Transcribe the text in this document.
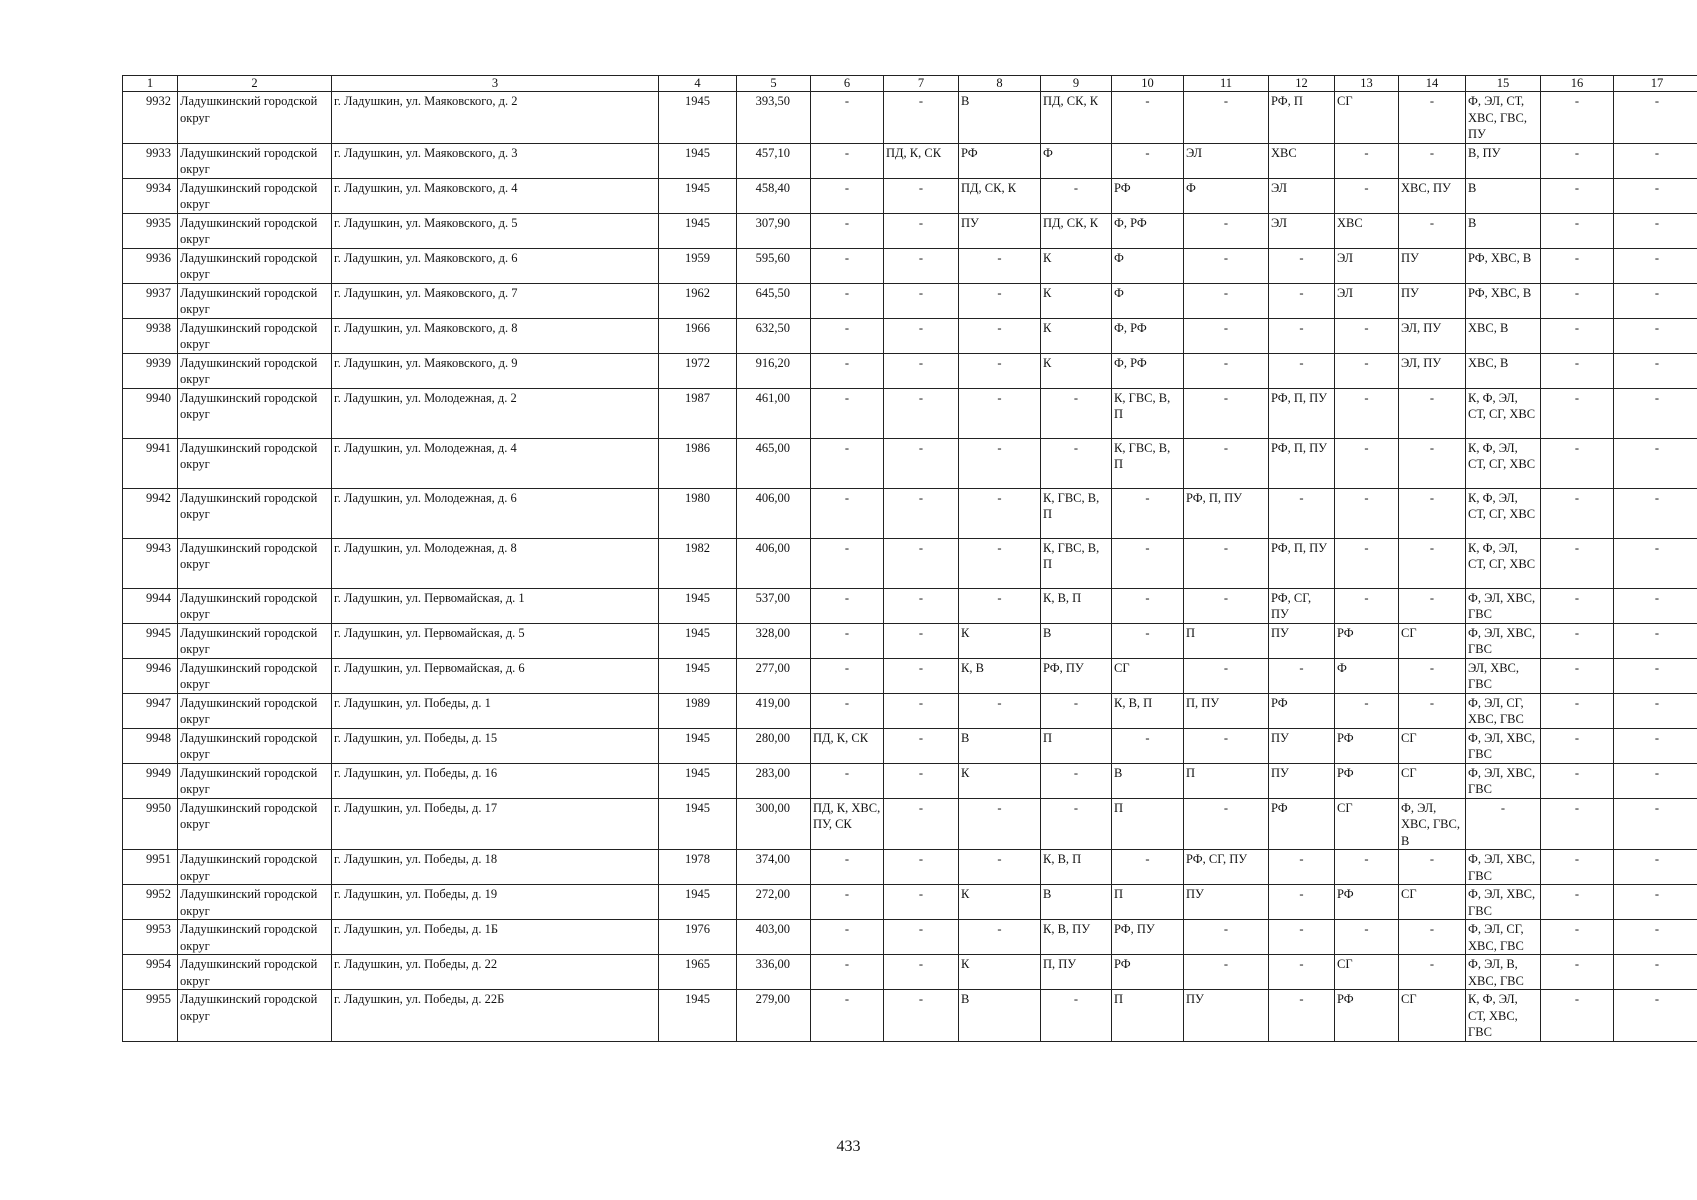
1	2	3	4	5	6	7	8	9	10	11	12	13	14	15	16	17
9932	Ладушкинский городской округ	г. Ладушкин, ул. Маяковского, д. 2	1945	393,50	-	-	В	ПД, СК, К	-	-	РФ, П	СГ	-	Ф, ЭЛ, СТ, ХВС, ГВС, ПУ	-	-
9933	Ладушкинский городской округ	г. Ладушкин, ул. Маяковского, д. 3	1945	457,10	-	ПД, К, СК	РФ	Ф	-	ЭЛ	ХВС	-	-	В, ПУ	-	-
9934	Ладушкинский городской округ	г. Ладушкин, ул. Маяковского, д. 4	1945	458,40	-	-	ПД, СК, К	-	РФ	Ф	ЭЛ	-	ХВС, ПУ	В	-	-
9935	Ладушкинский городской округ	г. Ладушкин, ул. Маяковского, д. 5	1945	307,90	-	-	ПУ	ПД, СК, К	Ф, РФ	-	ЭЛ	ХВС	-	В	-	-
9936	Ладушкинский городской округ	г. Ладушкин, ул. Маяковского, д. 6	1959	595,60	-	-	-	К	Ф	-	-	ЭЛ	ПУ	РФ, ХВС, В	-	-
9937	Ладушкинский городской округ	г. Ладушкин, ул. Маяковского, д. 7	1962	645,50	-	-	-	К	Ф	-	-	ЭЛ	ПУ	РФ, ХВС, В	-	-
9938	Ладушкинский городской округ	г. Ладушкин, ул. Маяковского, д. 8	1966	632,50	-	-	-	К	Ф, РФ	-	-	-	ЭЛ, ПУ	ХВС, В	-	-
9939	Ладушкинский городской округ	г. Ладушкин, ул. Маяковского, д. 9	1972	916,20	-	-	-	К	Ф, РФ	-	-	-	ЭЛ, ПУ	ХВС, В	-	-
9940	Ладушкинский городской округ	г. Ладушкин, ул. Молодежная, д. 2	1987	461,00	-	-	-	-	К, ГВС, В, П	-	РФ, П, ПУ	-	-	К, Ф, ЭЛ, СТ, СГ, ХВС	-	-
9941	Ладушкинский городской округ	г. Ладушкин, ул. Молодежная, д. 4	1986	465,00	-	-	-	-	К, ГВС, В, П	-	РФ, П, ПУ	-	-	К, Ф, ЭЛ, СТ, СГ, ХВС	-	-
9942	Ладушкинский городской округ	г. Ладушкин, ул. Молодежная, д. 6	1980	406,00	-	-	-	К, ГВС, В, П	-	РФ, П, ПУ	-	-	-	К, Ф, ЭЛ, СТ, СГ, ХВС	-	-
9943	Ладушкинский городской округ	г. Ладушкин, ул. Молодежная, д. 8	1982	406,00	-	-	-	К, ГВС, В, П	-	-	РФ, П, ПУ	-	-	К, Ф, ЭЛ, СТ, СГ, ХВС	-	-
9944	Ладушкинский городской округ	г. Ладушкин, ул. Первомайская, д. 1	1945	537,00	-	-	-	К, В, П	-	-	РФ, СГ, ПУ	-	-	Ф, ЭЛ, ХВС, ГВС	-	-
9945	Ладушкинский городской округ	г. Ладушкин, ул. Первомайская, д. 5	1945	328,00	-	-	К	В	-	П	ПУ	РФ	СГ	Ф, ЭЛ, ХВС, ГВС	-	-
9946	Ладушкинский городской округ	г. Ладушкин, ул. Первомайская, д. 6	1945	277,00	-	-	К, В	РФ, ПУ	СГ	-	-	Ф	-	ЭЛ, ХВС, ГВС	-	-
9947	Ладушкинский городской округ	г. Ладушкин, ул. Победы, д. 1	1989	419,00	-	-	-	-	К, В, П	П, ПУ	РФ	-	-	Ф, ЭЛ, СГ, ХВС, ГВС	-	-
9948	Ладушкинский городской округ	г. Ладушкин, ул. Победы, д. 15	1945	280,00	ПД, К, СК	-	В	П	-	-	ПУ	РФ	СГ	Ф, ЭЛ, ХВС, ГВС	-	-
9949	Ладушкинский городской округ	г. Ладушкин, ул. Победы, д. 16	1945	283,00	-	-	К	-	В	П	ПУ	РФ	СГ	Ф, ЭЛ, ХВС, ГВС	-	-
9950	Ладушкинский городской округ	г. Ладушкин, ул. Победы, д. 17	1945	300,00	ПД, К, ХВС, ПУ, СК	-	-	-	П	-	РФ	СГ	Ф, ЭЛ, ХВС, ГВС, В	-	-	-
9951	Ладушкинский городской округ	г. Ладушкин, ул. Победы, д. 18	1978	374,00	-	-	-	К, В, П	-	РФ, СГ, ПУ	-	-	-	Ф, ЭЛ, ХВС, ГВС	-	-
9952	Ладушкинский городской округ	г. Ладушкин, ул. Победы, д. 19	1945	272,00	-	-	К	В	П	ПУ	-	РФ	СГ	Ф, ЭЛ, ХВС, ГВС	-	-
9953	Ладушкинский городской округ	г. Ладушкин, ул. Победы, д. 1Б	1976	403,00	-	-	-	К, В, ПУ	РФ, ПУ	-	-	-	-	Ф, ЭЛ, СГ, ХВС, ГВС	-	-
9954	Ладушкинский городской округ	г. Ладушкин, ул. Победы, д. 22	1965	336,00	-	-	К	П, ПУ	РФ	-	-	СГ	-	Ф, ЭЛ, В, ХВС, ГВС	-	-
9955	Ладушкинский городской округ	г. Ладушкин, ул. Победы, д. 22Б	1945	279,00	-	-	В	-	П	ПУ	-	РФ	СГ	К, Ф, ЭЛ, СТ, ХВС, ГВС	-	-
433
